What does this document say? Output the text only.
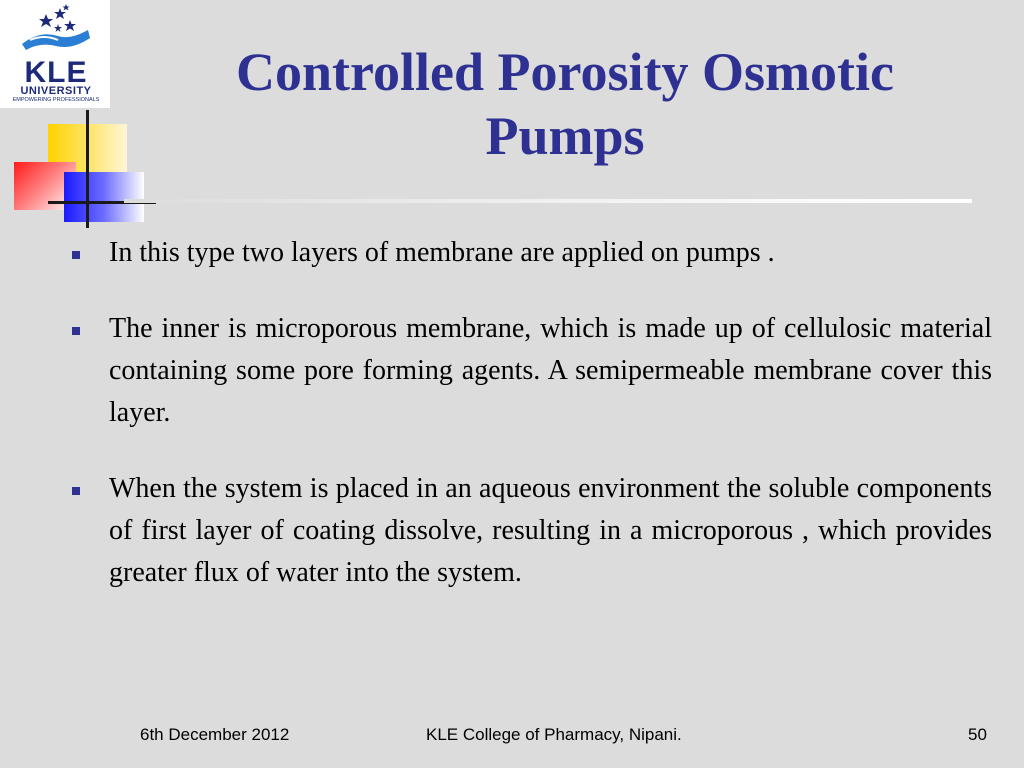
KLE
UNIVERSITY
EMPOWERING PROFESSIONALS	Controlled Porosity Osmotic Pumps
In this type two layers of membrane are applied on pumps .
The inner is microporous membrane, which is made up of cellulosic material containing some pore forming agents. A semipermeable membrane cover this layer.
When the system is placed in an aqueous environment the soluble components of first layer of coating dissolve, resulting in a microporous , which provides greater flux of water into the system.
6th December 2012	KLE College of Pharmacy, Nipani.	50
